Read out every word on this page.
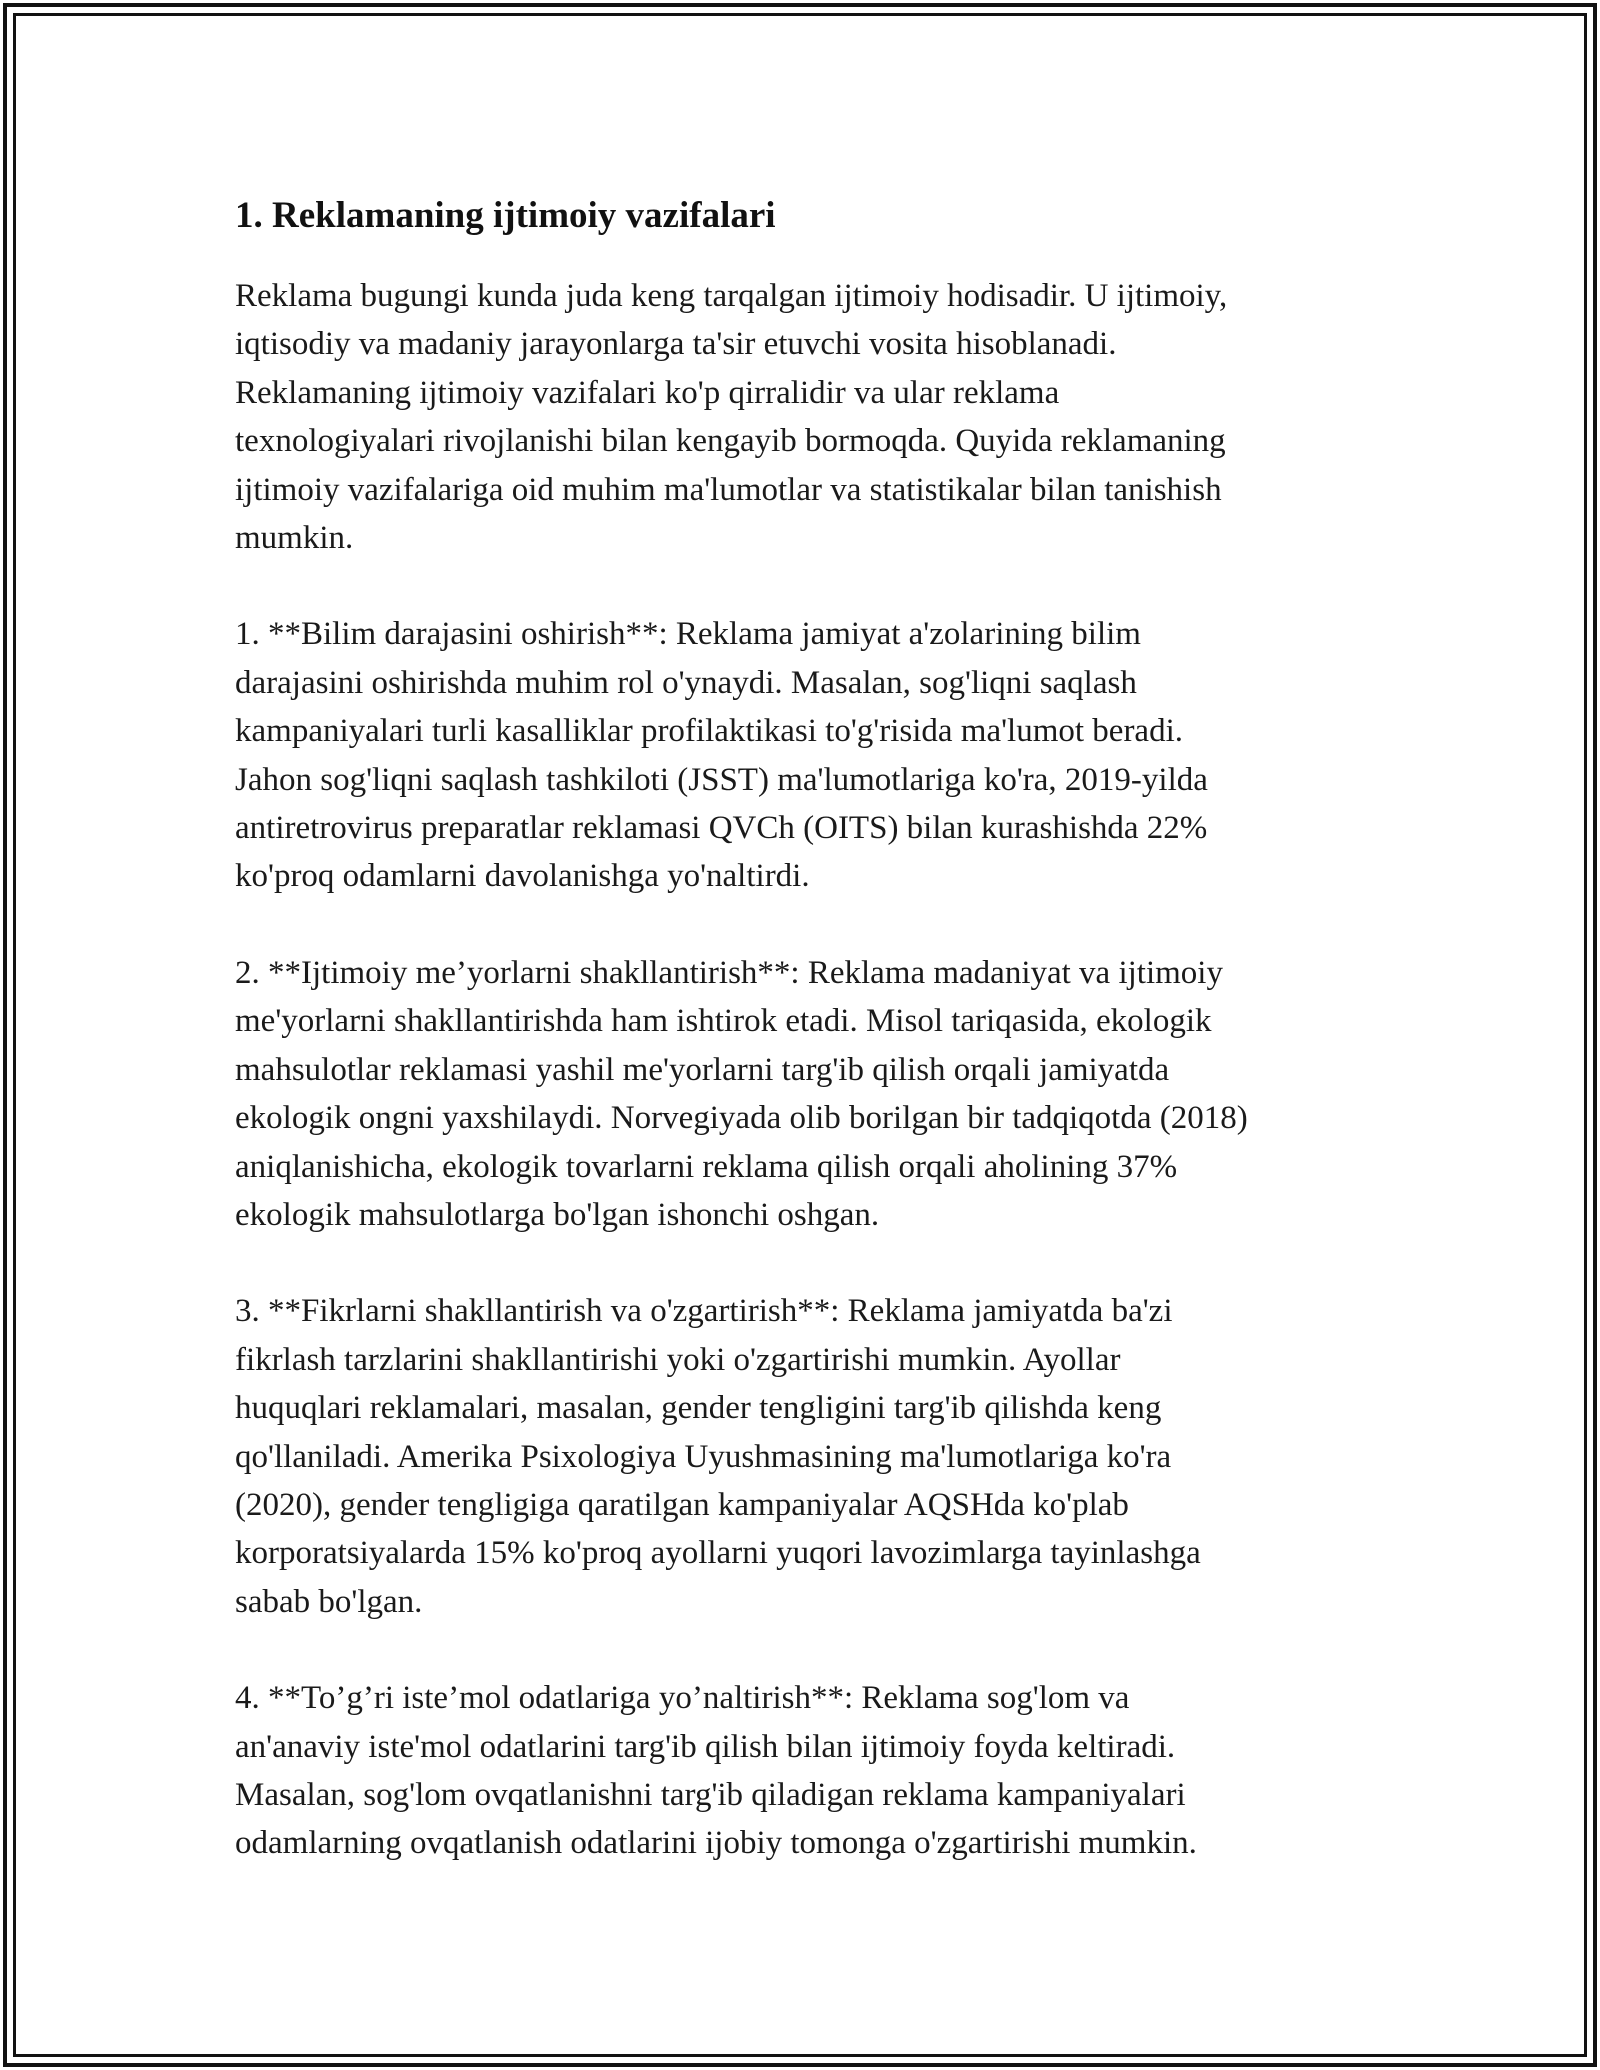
1. Reklamaning ijtimoiy vazifalari

Reklama bugungi kunda juda keng tarqalgan ijtimoiy hodisadir. U ijtimoiy,
iqtisodiy va madaniy jarayonlarga ta'sir etuvchi vosita hisoblanadi.
Reklamaning ijtimoiy vazifalari ko'p qirralidir va ular reklama
texnologiyalari rivojlanishi bilan kengayib bormoqda. Quyida reklamaning
ijtimoiy vazifalariga oid muhim ma'lumotlar va statistikalar bilan tanishish
mumkin.

1. **Bilim darajasini oshirish**: Reklama jamiyat a'zolarining bilim
darajasini oshirishda muhim rol o'ynaydi. Masalan, sog'liqni saqlash
kampaniyalari turli kasalliklar profilaktikasi to'g'risida ma'lumot beradi.
Jahon sog'liqni saqlash tashkiloti (JSST) ma'lumotlariga ko'ra, 2019-yilda
antiretrovirus preparatlar reklamasi QVCh (OITS) bilan kurashishda 22%
ko'proq odamlarni davolanishga yo'naltirdi.

2. **Ijtimoiy me’yorlarni shakllantirish**: Reklama madaniyat va ijtimoiy
me'yorlarni shakllantirishda ham ishtirok etadi. Misol tariqasida, ekologik
mahsulotlar reklamasi yashil me'yorlarni targ'ib qilish orqali jamiyatda
ekologik ongni yaxshilaydi. Norvegiyada olib borilgan bir tadqiqotda (2018)
aniqlanishicha, ekologik tovarlarni reklama qilish orqali aholining 37%
ekologik mahsulotlarga bo'lgan ishonchi oshgan.

3. **Fikrlarni shakllantirish va o'zgartirish**: Reklama jamiyatda ba'zi
fikrlash tarzlarini shakllantirishi yoki o'zgartirishi mumkin. Ayollar
huquqlari reklamalari, masalan, gender tengligini targ'ib qilishda keng
qo'llaniladi. Amerika Psixologiya Uyushmasining ma'lumotlariga ko'ra
(2020), gender tengligiga qaratilgan kampaniyalar AQSHda ko'plab
korporatsiyalarda 15% ko'proq ayollarni yuqori lavozimlarga tayinlashga
sabab bo'lgan.

4. **To’g’ri iste’mol odatlariga yo’naltirish**: Reklama sog'lom va
an'anaviy iste'mol odatlarini targ'ib qilish bilan ijtimoiy foyda keltiradi.
Masalan, sog'lom ovqatlanishni targ'ib qiladigan reklama kampaniyalari
odamlarning ovqatlanish odatlarini ijobiy tomonga o'zgartirishi mumkin.
